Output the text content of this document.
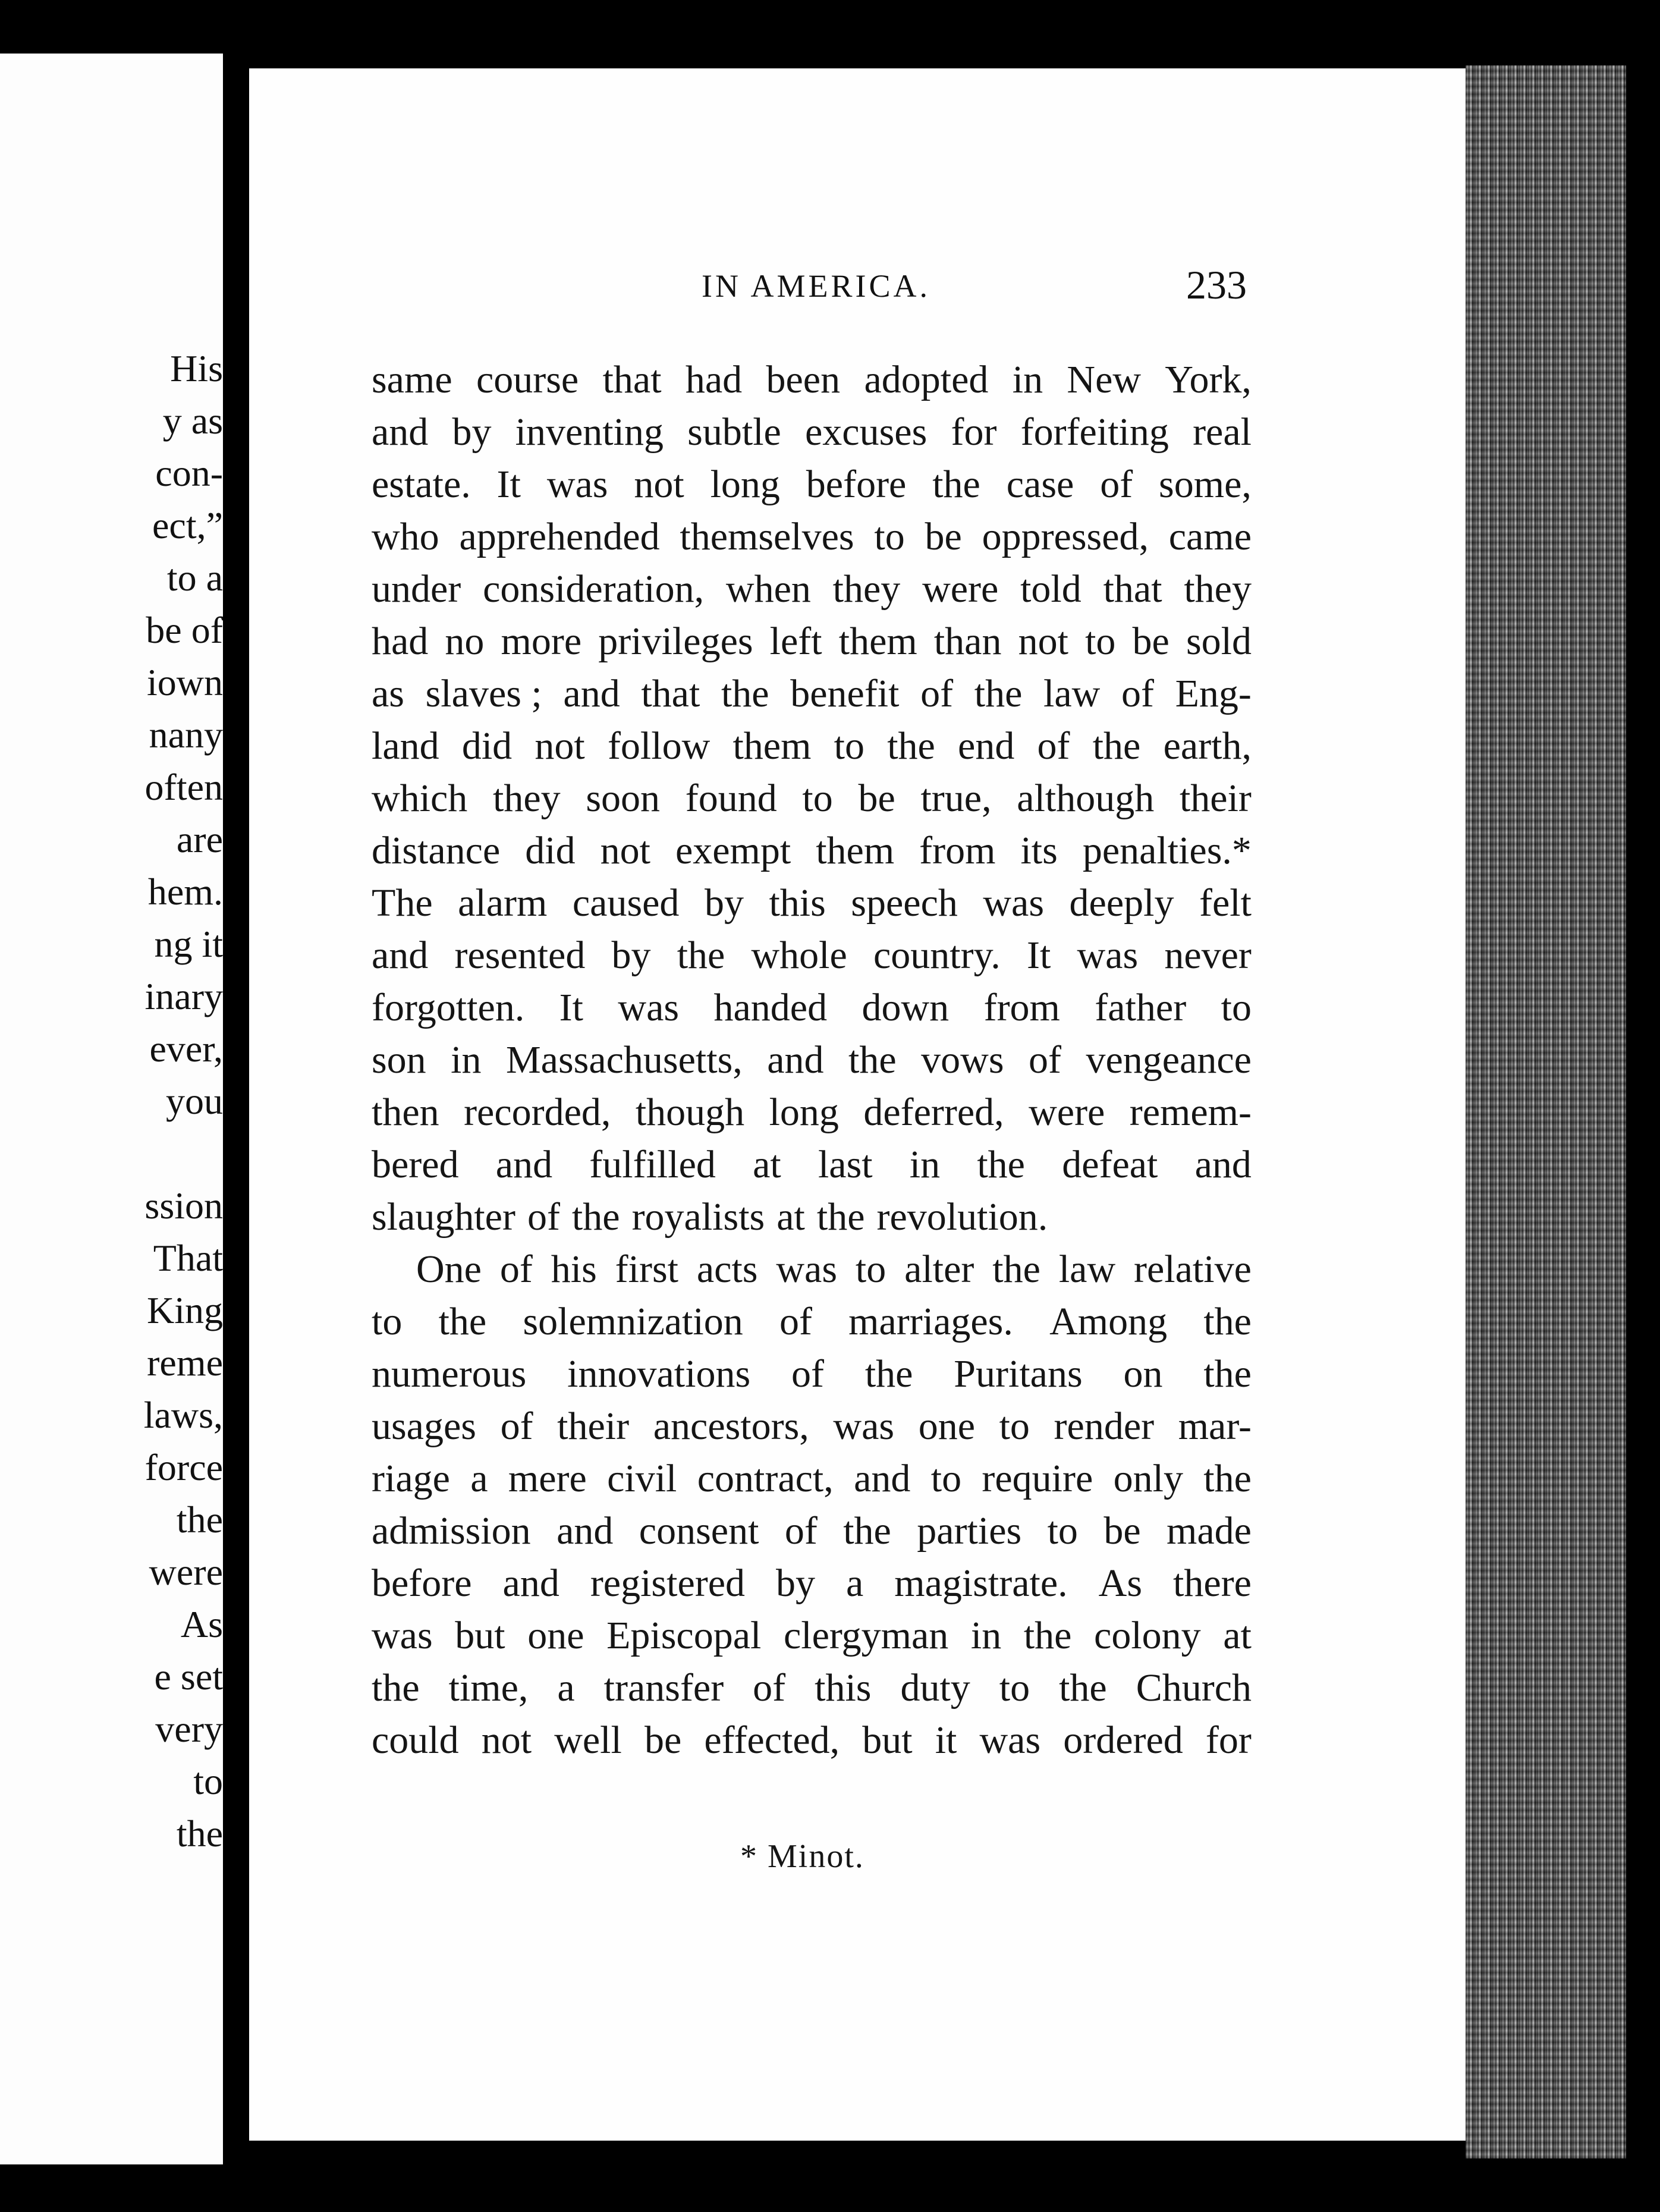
His

y as

con-

ect,”

to a

be of

iown

nany

often

are

hem.

ng it

inary

ever,

you

ssion

That

King

reme

laws,

force

the

were

As

e set

very

to

the

IN AMERICA.	233

same course that had been adopted in New York,

and by inventing subtle excuses for forfeiting real

estate. It was not long before the case of some,

who apprehended themselves to be oppressed, came

under consideration, when they were told that they

had no more privileges left them than not to be sold

as slaves ; and that the benefit of the law of Eng-

land did not follow them to the end of the earth,

which they soon found to be true, although their

distance did not exempt them from its penalties.*

The alarm caused by this speech was deeply felt

and resented by the whole country. It was never

forgotten. It was handed down from father to

son in Massachusetts, and the vows of vengeance

then recorded, though long deferred, were remem-

bered and fulfilled at last in the defeat and

slaughter of the royalists at the revolution.

One of his first acts was to alter the law relative

to the solemnization of marriages. Among the

numerous innovations of the Puritans on the

usages of their ancestors, was one to render mar-

riage a mere civil contract, and to require only the

admission and consent of the parties to be made

before and registered by a magistrate. As there

was but one Episcopal clergyman in the colony at

the time, a transfer of this duty to the Church

could not well be effected, but it was ordered for

* Minot.
